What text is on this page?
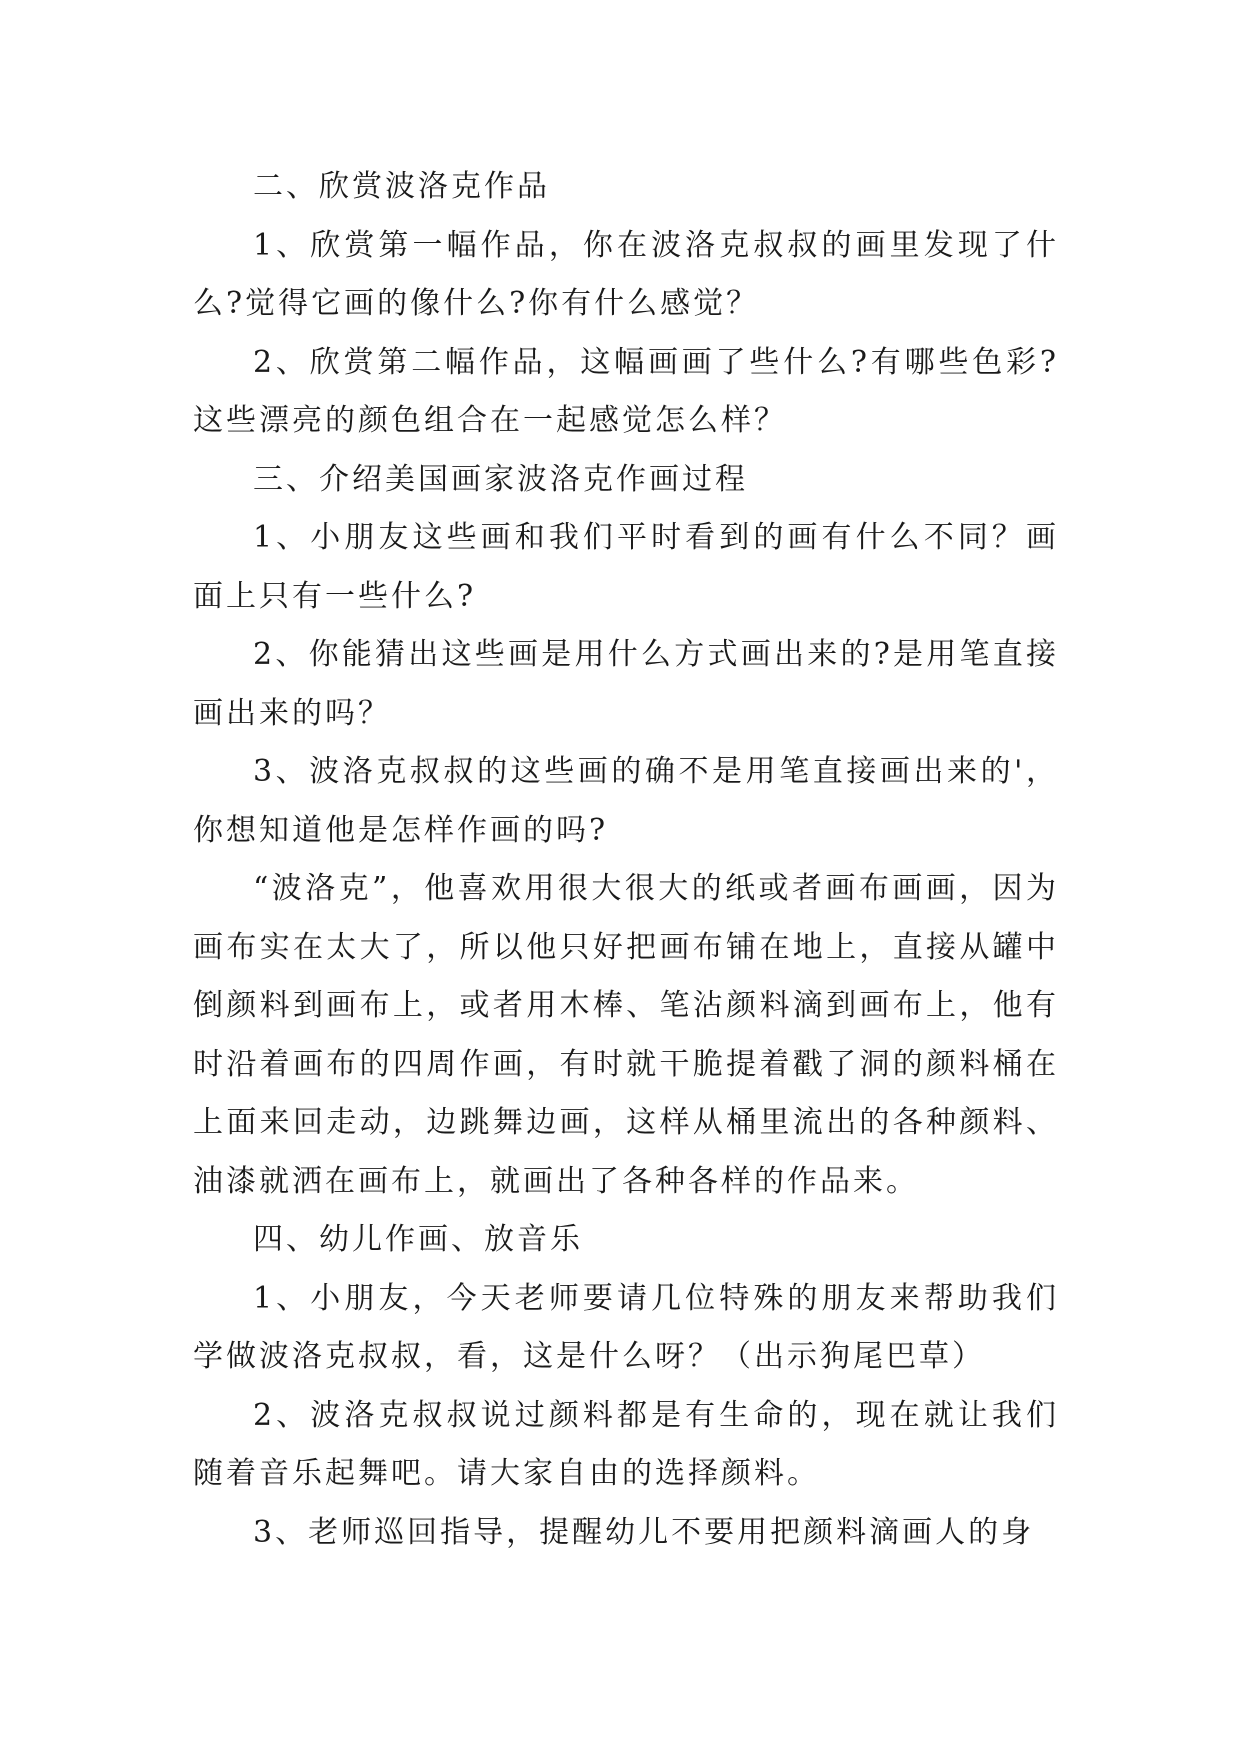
二、欣赏波洛克作品

1、欣赏第一幅作品，你在波洛克叔叔的画里发现了什么?觉得它画的像什么?你有什么感觉？

2、欣赏第二幅作品，这幅画画了些什么?有哪些色彩?这些漂亮的颜色组合在一起感觉怎么样？

三、介绍美国画家波洛克作画过程

1、小朋友这些画和我们平时看到的画有什么不同？画面上只有一些什么?

2、你能猜出这些画是用什么方式画出来的?是用笔直接画出来的吗？

3、波洛克叔叔的这些画的确不是用笔直接画出来的'，你想知道他是怎样作画的吗?

“波洛克”，他喜欢用很大很大的纸或者画布画画，因为画布实在太大了，所以他只好把画布铺在地上，直接从罐中倒颜料到画布上，或者用木棒、笔沾颜料滴到画布上，他有时沿着画布的四周作画，有时就干脆提着戳了洞的颜料桶在上面来回走动，边跳舞边画，这样从桶里流出的各种颜料、油漆就洒在画布上，就画出了各种各样的作品来。

四、幼儿作画、放音乐

1、小朋友，今天老师要请几位特殊的朋友来帮助我们学做波洛克叔叔，看，这是什么呀？（出示狗尾巴草）

2、波洛克叔叔说过颜料都是有生命的，现在就让我们随着音乐起舞吧。请大家自由的选择颜料。

3、老师巡回指导，提醒幼儿不要用把颜料滴画人的身
